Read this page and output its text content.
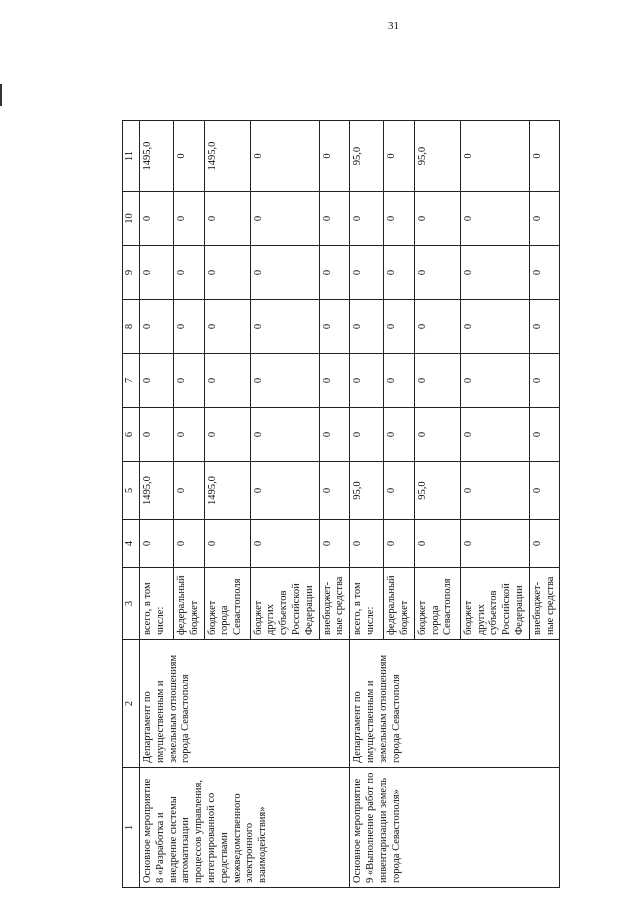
31
1	2	3	4	5	6	7	8	9	10	11
Основное мероприятие 8 «Разработка и внедрение системы автоматизации процессов управления, интегрированной со средствами межведомственного электронного взаимодействия»	Департамент по имущественным и земельным отношениям города Севастополя	всего, в том числе:	0	1495,0	0	0	0	0	0	1495,0
		федеральный бюджет	0	0	0	0	0	0	0	0
		бюджет города Севастополя	0	1495,0	0	0	0	0	0	1495,0
		бюджет других субъектов Российской Федерации	0	0	0	0	0	0	0	0
		внебюджет-ные средства	0	0	0	0	0	0	0	0
Основное мероприятие 9 «Выполнение работ по инвентаризации земель города Севастополя»	Департамент по имущественным и земельным отношениям города Севастополя	всего, в том числе:	0	95,0	0	0	0	0	0	95,0
		федеральный бюджет	0	0	0	0	0	0	0	0
		бюджет города Севастополя	0	95,0	0	0	0	0	0	95,0
		бюджет других субъектов Российской Федерации	0	0	0	0	0	0	0	0
		внебюджет-ные средства	0	0	0	0	0	0	0	0
